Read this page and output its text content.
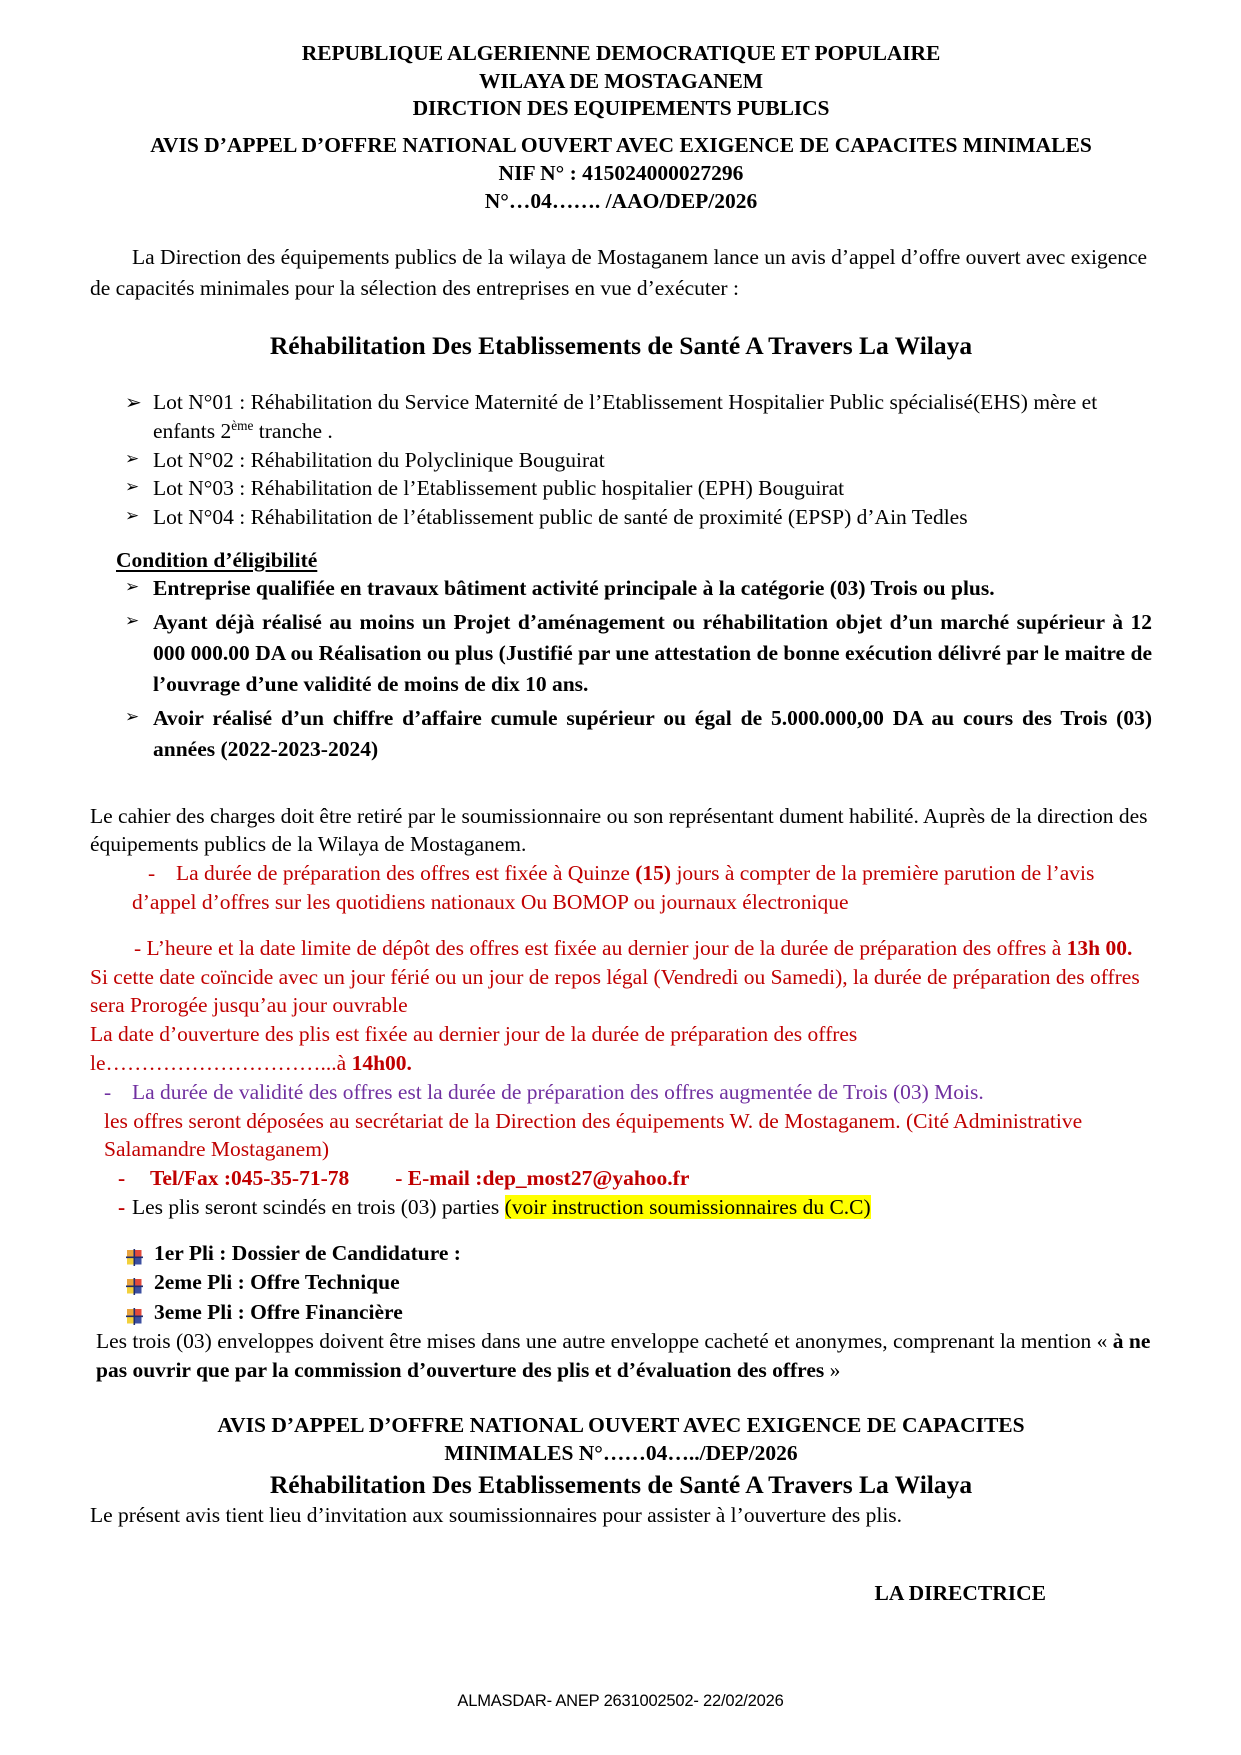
REPUBLIQUE ALGERIENNE DEMOCRATIQUE ET POPULAIRE
WILAYA DE MOSTAGANEM
DIRCTION DES EQUIPEMENTS PUBLICS
AVIS D’APPEL D’OFFRE NATIONAL OUVERT AVEC EXIGENCE DE CAPACITES MINIMALES
NIF N° : 415024000027296
N°…04……. /AAO/DEP/2026
La Direction des équipements publics de la wilaya de Mostaganem lance un avis d’appel d’offre ouvert avec exigence de capacités minimales pour la sélection des entreprises en vue d’exécuter :
Réhabilitation Des Etablissements de Santé A Travers La Wilaya
➢ Lot N°01 : Réhabilitation du Service Maternité de l’Etablissement Hospitalier Public spécialisé(EHS) mère et enfants 2ème tranche .
➢ Lot N°02 : Réhabilitation du Polyclinique Bouguirat
➢ Lot N°03 : Réhabilitation de l’Etablissement public hospitalier (EPH) Bouguirat
➢ Lot N°04 : Réhabilitation de l’établissement public de santé de proximité (EPSP) d’Ain Tedles
Condition d’éligibilité
➢ Entreprise qualifiée en travaux bâtiment activité principale à la catégorie (03) Trois ou plus.
➢ Ayant déjà réalisé au moins un Projet d’aménagement ou réhabilitation objet d’un marché supérieur à 12 000 000.00 DA ou Réalisation ou plus (Justifié par une attestation de bonne exécution délivré par le maitre de l’ouvrage d’une validité de moins de dix 10 ans.
➢ Avoir réalisé d’un chiffre d’affaire cumule supérieur ou égal de 5.000.000,00 DA au cours des Trois (03) années (2022-2023-2024)
Le cahier des charges doit être retiré par le soumissionnaire ou son représentant dument habilité. Auprès de la direction des équipements publics de la Wilaya de Mostaganem.
- La durée de préparation des offres est fixée à Quinze (15) jours à compter de la première parution de l’avis d’appel d’offres sur les quotidiens nationaux Ou BOMOP ou journaux électronique
- L’heure et la date limite de dépôt des offres est fixée au dernier jour de la durée de préparation des offres à 13h 00. Si cette date coïncide avec un jour férié ou un jour de repos légal (Vendredi ou Samedi), la durée de préparation des offres sera Prorogée jusqu’au jour ouvrable
La date d’ouverture des plis est fixée au dernier jour de la durée de préparation des offres
le…………………………...à 14h00.
- La durée de validité des offres est la durée de préparation des offres augmentée de Trois (03) Mois.
les offres seront déposées au secrétariat de la Direction des équipements W. de Mostaganem. (Cité Administrative Salamandre Mostaganem)
- Tel/Fax :045-35-71-78 - E-mail :dep_most27@yahoo.fr
- Les plis seront scindés en trois (03) parties (voir instruction soumissionnaires du C.C)
1er Pli : Dossier de Candidature :
2eme Pli : Offre Technique
3eme Pli : Offre Financière
Les trois (03) enveloppes doivent être mises dans une autre enveloppe cacheté et anonymes, comprenant la mention « à ne pas ouvrir que par la commission d’ouverture des plis et d’évaluation des offres »
AVIS D’APPEL D’OFFRE NATIONAL OUVERT AVEC EXIGENCE DE CAPACITES
MINIMALES N°……04…../DEP/2026
Réhabilitation Des Etablissements de Santé A Travers La Wilaya
Le présent avis tient lieu d’invitation aux soumissionnaires pour assister à l’ouverture des plis.
LA DIRECTRICE
ALMASDAR- ANEP 2631002502- 22/02/2026
